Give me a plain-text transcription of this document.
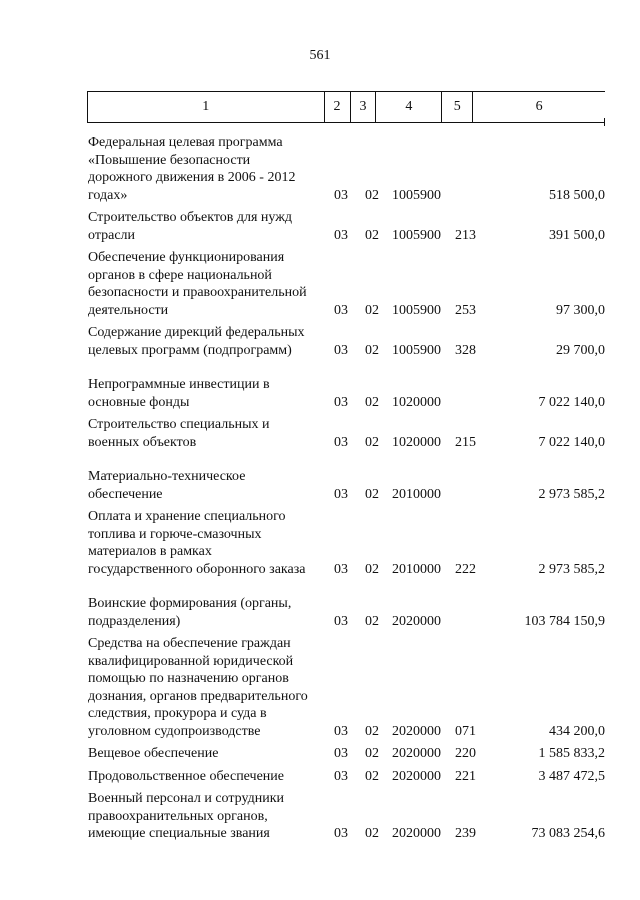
561
1	2	3	4	5	6
Федеральная целевая программа
«Повышение безопасности
дорожного движения в 2006 - 2012
годах»	03 02 1005900	518 500,0
Строительство объектов для нужд
отрасли	03 02 1005900 213	391 500,0
Обеспечение функционирования
органов в сфере национальной
безопасности и правоохранительной
деятельности	03 02 1005900 253	97 300,0
Содержание дирекций федеральных
целевых программ (подпрограмм)	03 02 1005900 328	29 700,0
Непрограммные инвестиции в
основные фонды	03 02 1020000	7 022 140,0
Строительство специальных и
военных объектов	03 02 1020000 215	7 022 140,0
Материально-техническое
обеспечение	03 02 2010000	2 973 585,2
Оплата и хранение специального
топлива и горюче-смазочных
материалов в рамках
государственного оборонного заказа	03 02 2010000 222	2 973 585,2
Воинские формирования (органы,
подразделения)	03 02 2020000	103 784 150,9
Средства на обеспечение граждан
квалифицированной юридической
помощью по назначению органов
дознания, органов предварительного
следствия, прокурора и суда в
уголовном судопроизводстве	03 02 2020000 071	434 200,0
Вещевое обеспечение	03 02 2020000 220	1 585 833,2
Продовольственное обеспечение	03 02 2020000 221	3 487 472,5
Военный персонал и сотрудники
правоохранительных органов,
имеющие специальные звания	03 02 2020000 239	73 083 254,6
